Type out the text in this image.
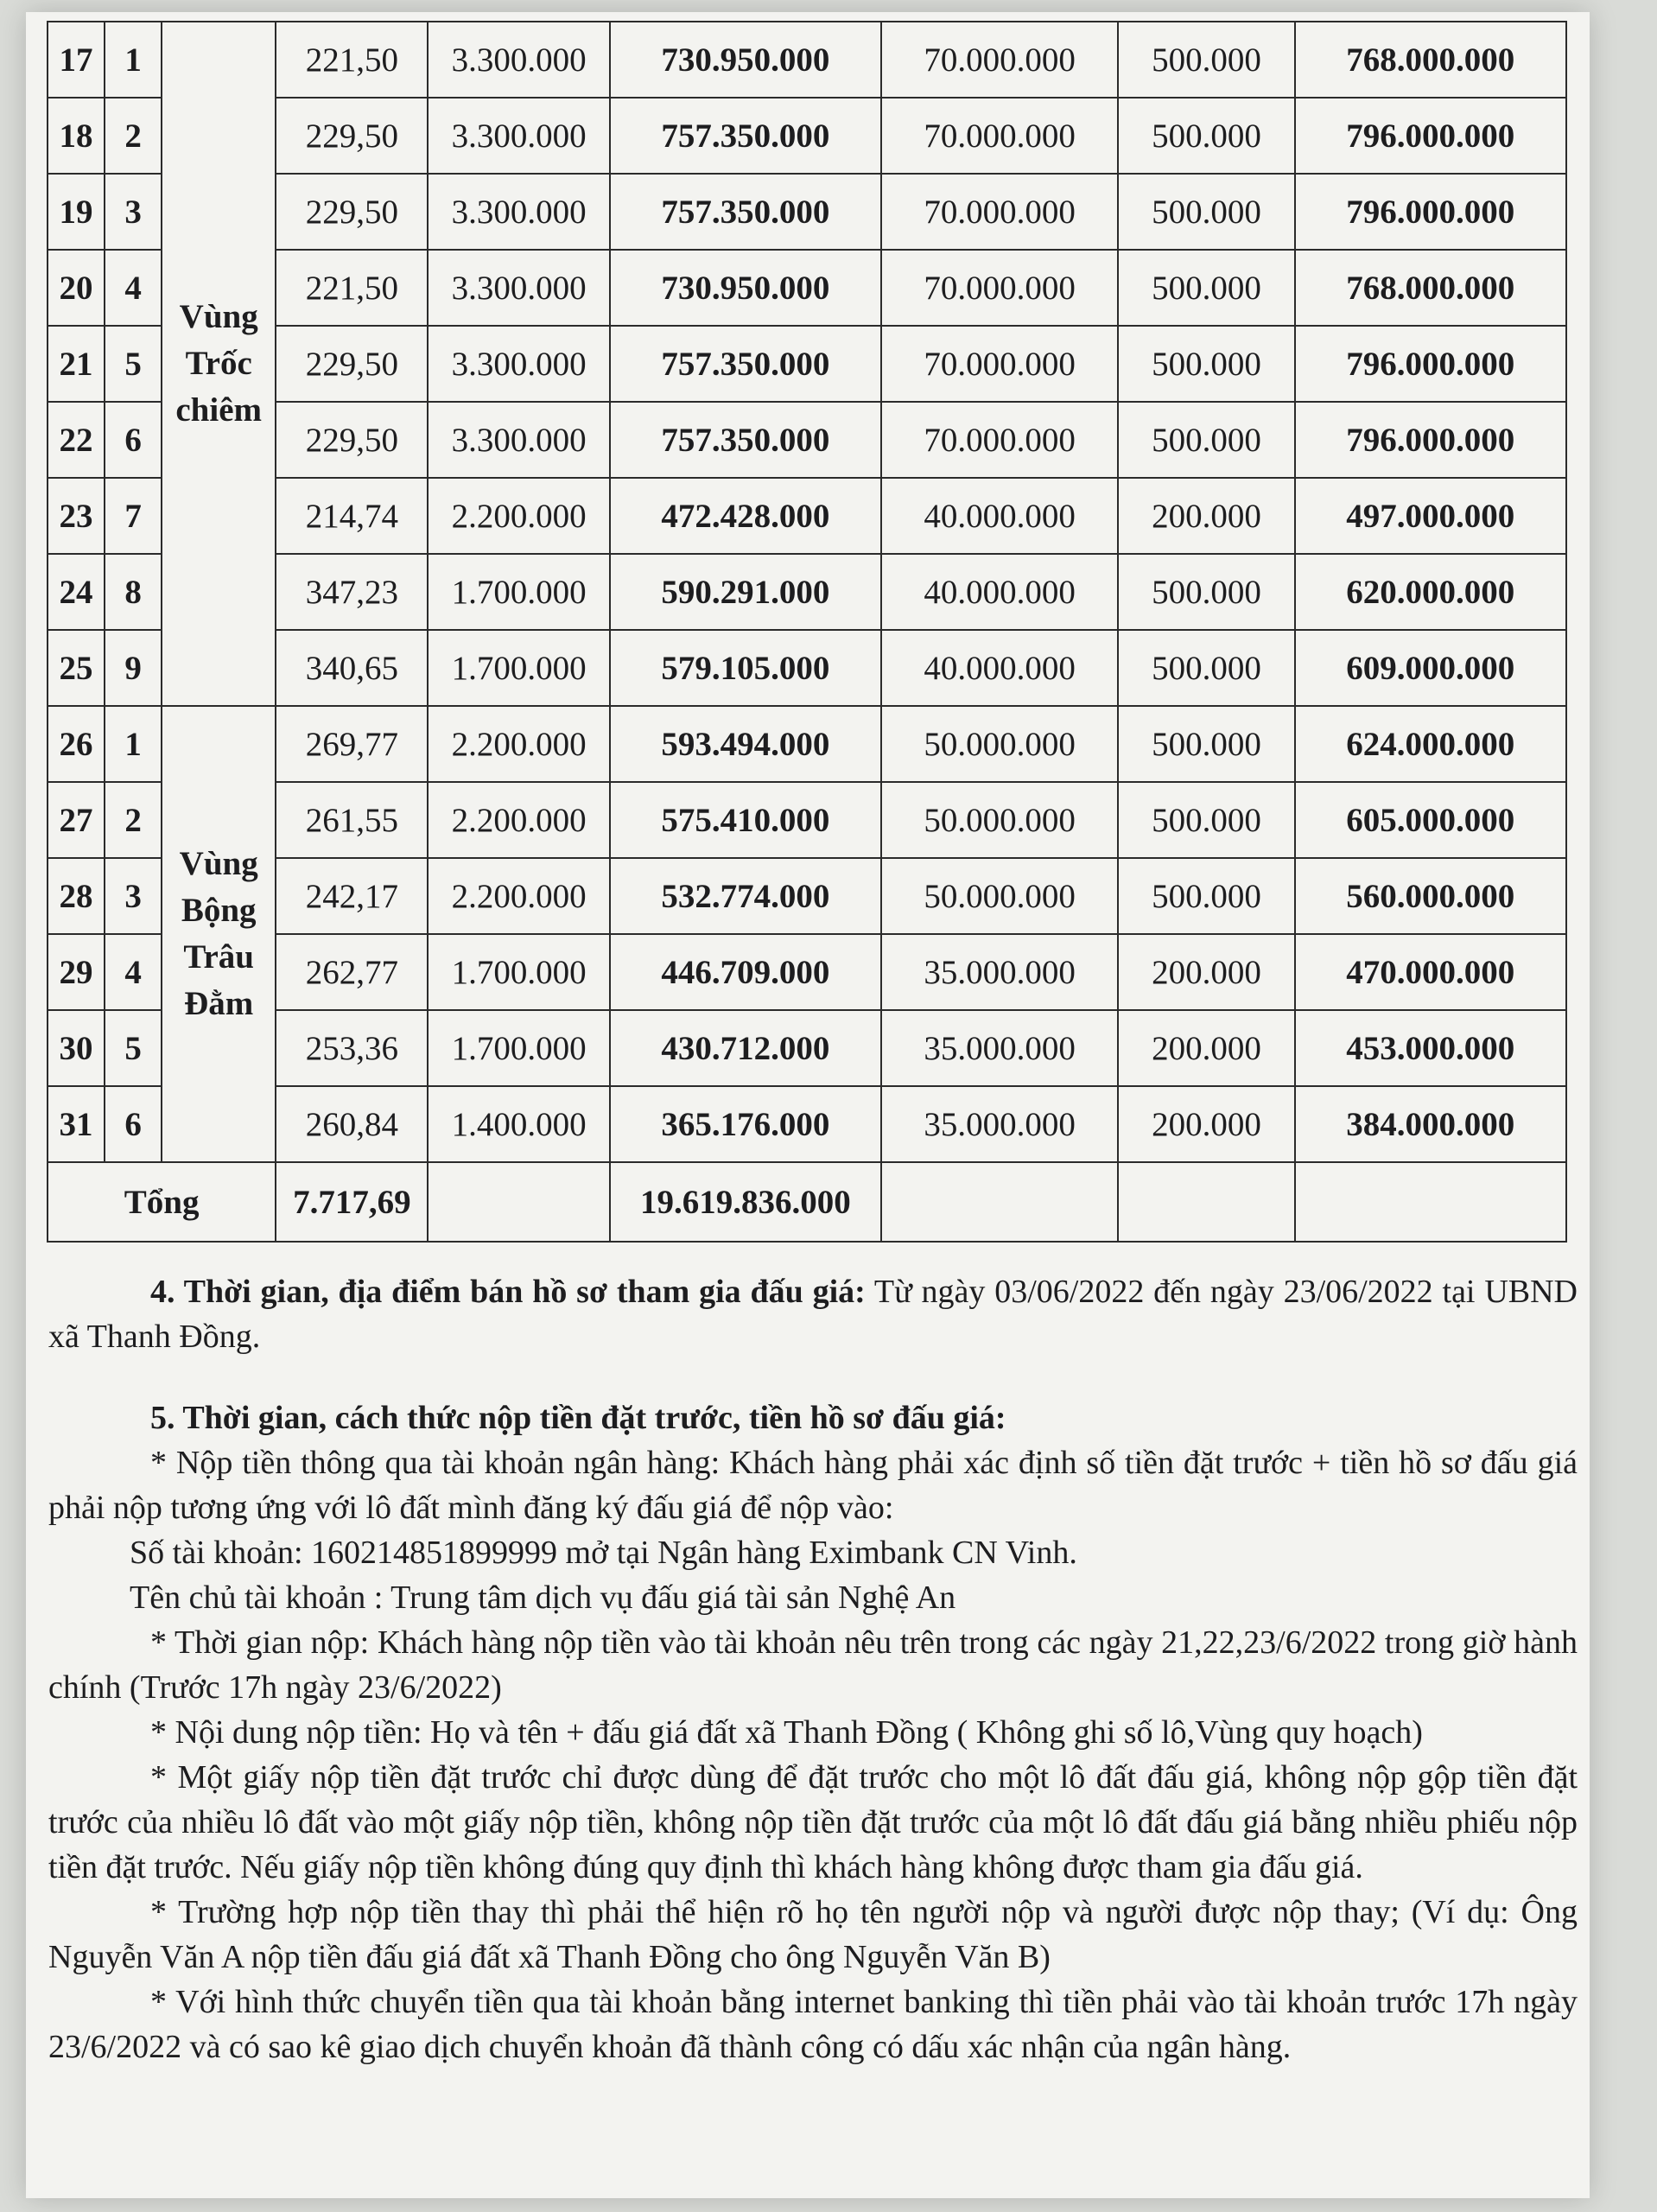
17	1	Vùng Trốc chiêm	221,50	3.300.000	730.950.000	70.000.000	500.000	768.000.000
18	2		229,50	3.300.000	757.350.000	70.000.000	500.000	796.000.000
19	3		229,50	3.300.000	757.350.000	70.000.000	500.000	796.000.000
20	4		221,50	3.300.000	730.950.000	70.000.000	500.000	768.000.000
21	5		229,50	3.300.000	757.350.000	70.000.000	500.000	796.000.000
22	6		229,50	3.300.000	757.350.000	70.000.000	500.000	796.000.000
23	7		214,74	2.200.000	472.428.000	40.000.000	200.000	497.000.000
24	8		347,23	1.700.000	590.291.000	40.000.000	500.000	620.000.000
25	9		340,65	1.700.000	579.105.000	40.000.000	500.000	609.000.000
26	1	Vùng Bộng Trâu Đằm	269,77	2.200.000	593.494.000	50.000.000	500.000	624.000.000
27	2		261,55	2.200.000	575.410.000	50.000.000	500.000	605.000.000
28	3		242,17	2.200.000	532.774.000	50.000.000	500.000	560.000.000
29	4		262,77	1.700.000	446.709.000	35.000.000	200.000	470.000.000
30	5		253,36	1.700.000	430.712.000	35.000.000	200.000	453.000.000
31	6		260,84	1.400.000	365.176.000	35.000.000	200.000	384.000.000
Tổng			7.717,69		19.619.836.000			

4. Thời gian, địa điểm bán hồ sơ tham gia đấu giá: Từ ngày 03/06/2022 đến ngày 23/06/2022 tại UBND xã Thanh Đồng.

5. Thời gian, cách thức nộp tiền đặt trước, tiền hồ sơ đấu giá:

* Nộp tiền thông qua tài khoản ngân hàng: Khách hàng phải xác định số tiền đặt trước + tiền hồ sơ đấu giá phải nộp tương ứng với lô đất mình đăng ký đấu giá để nộp vào:

Số tài khoản: 160214851899999 mở tại Ngân hàng Eximbank CN Vinh.

Tên chủ tài khoản : Trung tâm dịch vụ đấu giá tài sản Nghệ An

* Thời gian nộp: Khách hàng nộp tiền vào tài khoản nêu trên trong các ngày 21,22,23/6/2022 trong giờ hành chính (Trước 17h ngày 23/6/2022)

* Nội dung nộp tiền: Họ và tên + đấu giá đất xã Thanh Đồng ( Không ghi số lô,Vùng quy hoạch)

* Một giấy nộp tiền đặt trước chỉ được dùng để đặt trước cho một lô đất đấu giá, không nộp gộp tiền đặt trước của nhiều lô đất vào một giấy nộp tiền, không nộp tiền đặt trước của một lô đất đấu giá bằng nhiều phiếu nộp tiền đặt trước. Nếu giấy nộp tiền không đúng quy định thì khách hàng không được tham gia đấu giá.

* Trường hợp nộp tiền thay thì phải thể hiện rõ họ tên người nộp và người được nộp thay; (Ví dụ: Ông Nguyễn Văn A nộp tiền đấu giá đất xã Thanh Đồng cho ông Nguyễn Văn B)

* Với hình thức chuyển tiền qua tài khoản bằng internet banking thì tiền phải vào tài khoản trước 17h ngày 23/6/2022 và có sao kê giao dịch chuyển khoản đã thành công có dấu xác nhận của ngân hàng.
